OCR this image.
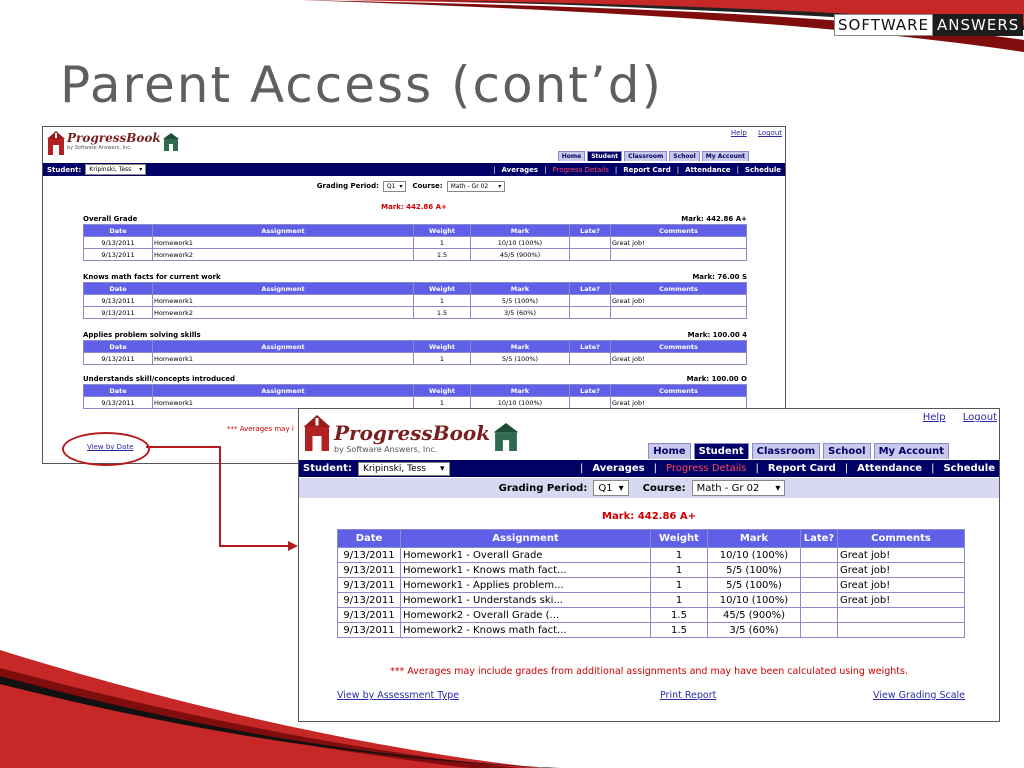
SOFTWARE ANSWERS
Parent Access (cont’d)
ProgressBook
by Software Answers, Inc.
Help Logout
Home	Student	Classroom	School	My Account
Student: Kripinski, Tess ▾	| Averages | Progress Details | Report Card | Attendance | Schedule
Grading Period: Q1 ▾ Course: Math - Gr 02 ▾
Mark: 442.86 A+
Overall Grade	Mark: 442.86 A+
Date	Assignment	Weight	Mark	Late?	Comments
9/13/2011	Homework1	1	10/10 (100%)		Great job!
9/13/2011	Homework2	1.5	45/5 (900%)		
Knows math facts for current work	Mark: 76.00 S
Date	Assignment	Weight	Mark	Late?	Comments
9/13/2011	Homework1	1	5/5 (100%)		Great job!
9/13/2011	Homework2	1.5	3/5 (60%)		
Applies problem solving skills	Mark: 100.00 4
Date	Assignment	Weight	Mark	Late?	Comments
9/13/2011	Homework1	1	5/5 (100%)		Great job!
Understands skill/concepts introduced	Mark: 100.00 O
Date	Assignment	Weight	Mark	Late?	Comments
9/13/2011	Homework1	1	10/10 (100%)		Great job!
*** Averages may i
View by Date
ProgressBook
by Software Answers, Inc.
Help Logout
Home	Student	Classroom	School	My Account
Student: Kripinski, Tess ▾	| Averages | Progress Details | Report Card | Attendance | Schedule
Grading Period: Q1 ▾ Course: Math - Gr 02 ▾
Mark: 442.86 A+
Date	Assignment	Weight	Mark	Late?	Comments
9/13/2011	Homework1 - Overall Grade	1	10/10 (100%)		Great job!
9/13/2011	Homework1 - Knows math fact...	1	5/5 (100%)		Great job!
9/13/2011	Homework1 - Applies problem...	1	5/5 (100%)		Great job!
9/13/2011	Homework1 - Understands ski...	1	10/10 (100%)		Great job!
9/13/2011	Homework2 - Overall Grade (...	1.5	45/5 (900%)		
9/13/2011	Homework2 - Knows math fact...	1.5	3/5 (60%)		
*** Averages may include grades from additional assignments and may have been calculated using weights.
View by Assessment Type	Print Report	View Grading Scale
